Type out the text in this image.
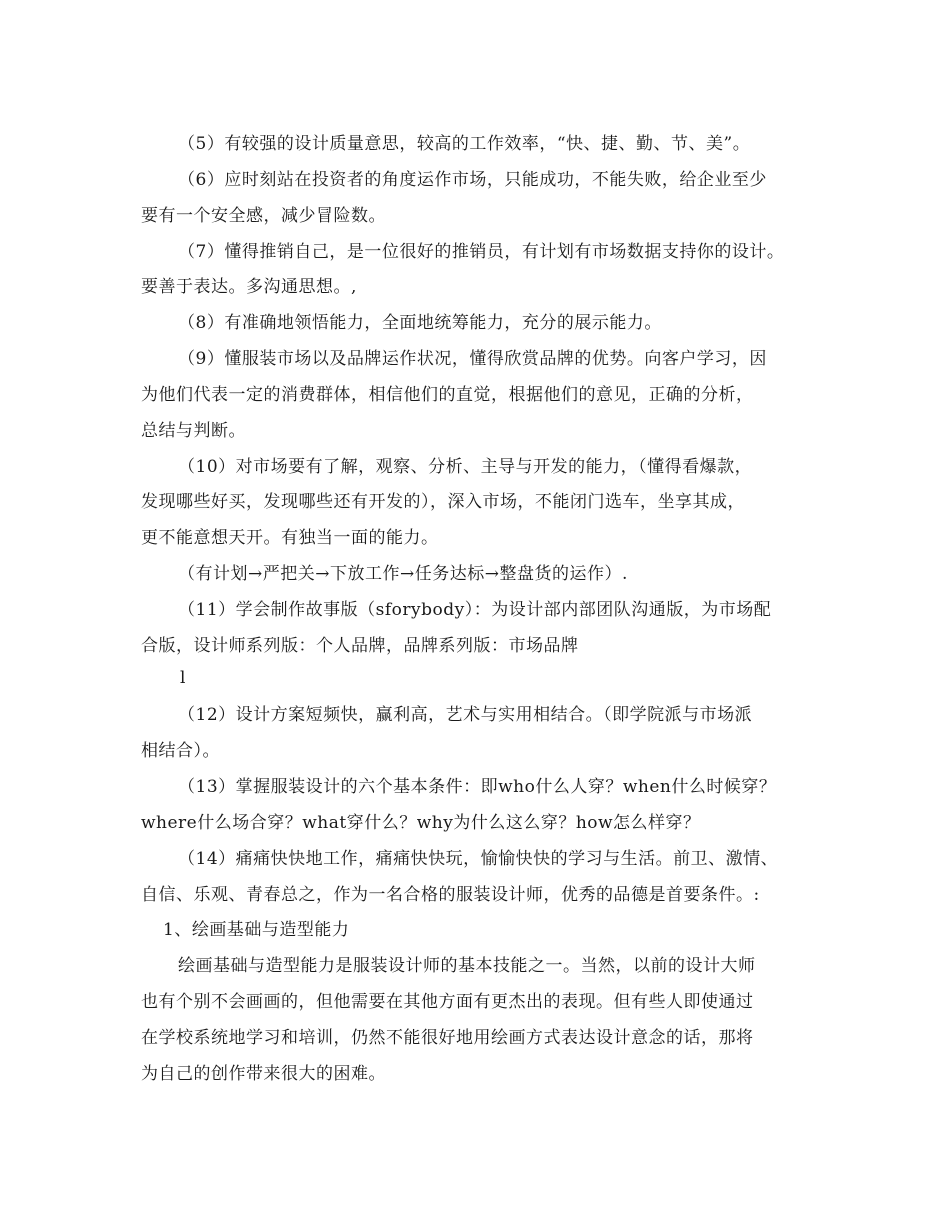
（5）有较强的设计质量意思，较高的工作效率，“快、捷、勤、节、美”。
（6）应时刻站在投资者的角度运作市场，只能成功，不能失败，给企业至少
要有一个安全感，减少冒险数。
（7）懂得推销自己，是一位很好的推销员，有计划有市场数据支持你的设计。
要善于表达。多沟通思想。,
（8）有准确地领悟能力，全面地统筹能力，充分的展示能力。
（9）懂服装市场以及品牌运作状况，懂得欣赏品牌的优势。向客户学习，因
为他们代表一定的消费群体，相信他们的直觉，根据他们的意见，正确的分析，
总结与判断。
（10）对市场要有了解，观察、分析、主导与开发的能力，（懂得看爆款，
发现哪些好买，发现哪些还有开发的），深入市场，不能闭门选车，坐享其成，
更不能意想天开。有独当一面的能力。
（有计划→严把关→下放工作→任务达标→整盘货的运作）.
（11）学会制作故事版（sforybody）：为设计部内部团队沟通版，为市场配
合版，设计师系列版：个人品牌，品牌系列版：市场品牌
l
（12）设计方案短频快，赢利高，艺术与实用相结合。（即学院派与市场派
相结合）。
（13）掌握服装设计的六个基本条件：即who什么人穿？when什么时候穿？
where什么场合穿？what穿什么？why为什么这么穿？how怎么样穿？
（14）痛痛快快地工作，痛痛快快玩，愉愉快快的学习与生活。前卫、激情、
自信、乐观、青春总之，作为一名合格的服装设计师，优秀的品德是首要条件。:
1、绘画基础与造型能力
绘画基础与造型能力是服装设计师的基本技能之一。当然，以前的设计大师
也有个别不会画画的，但他需要在其他方面有更杰出的表现。但有些人即使通过
在学校系统地学习和培训，仍然不能很好地用绘画方式表达设计意念的话，那将
为自己的创作带来很大的困难。
